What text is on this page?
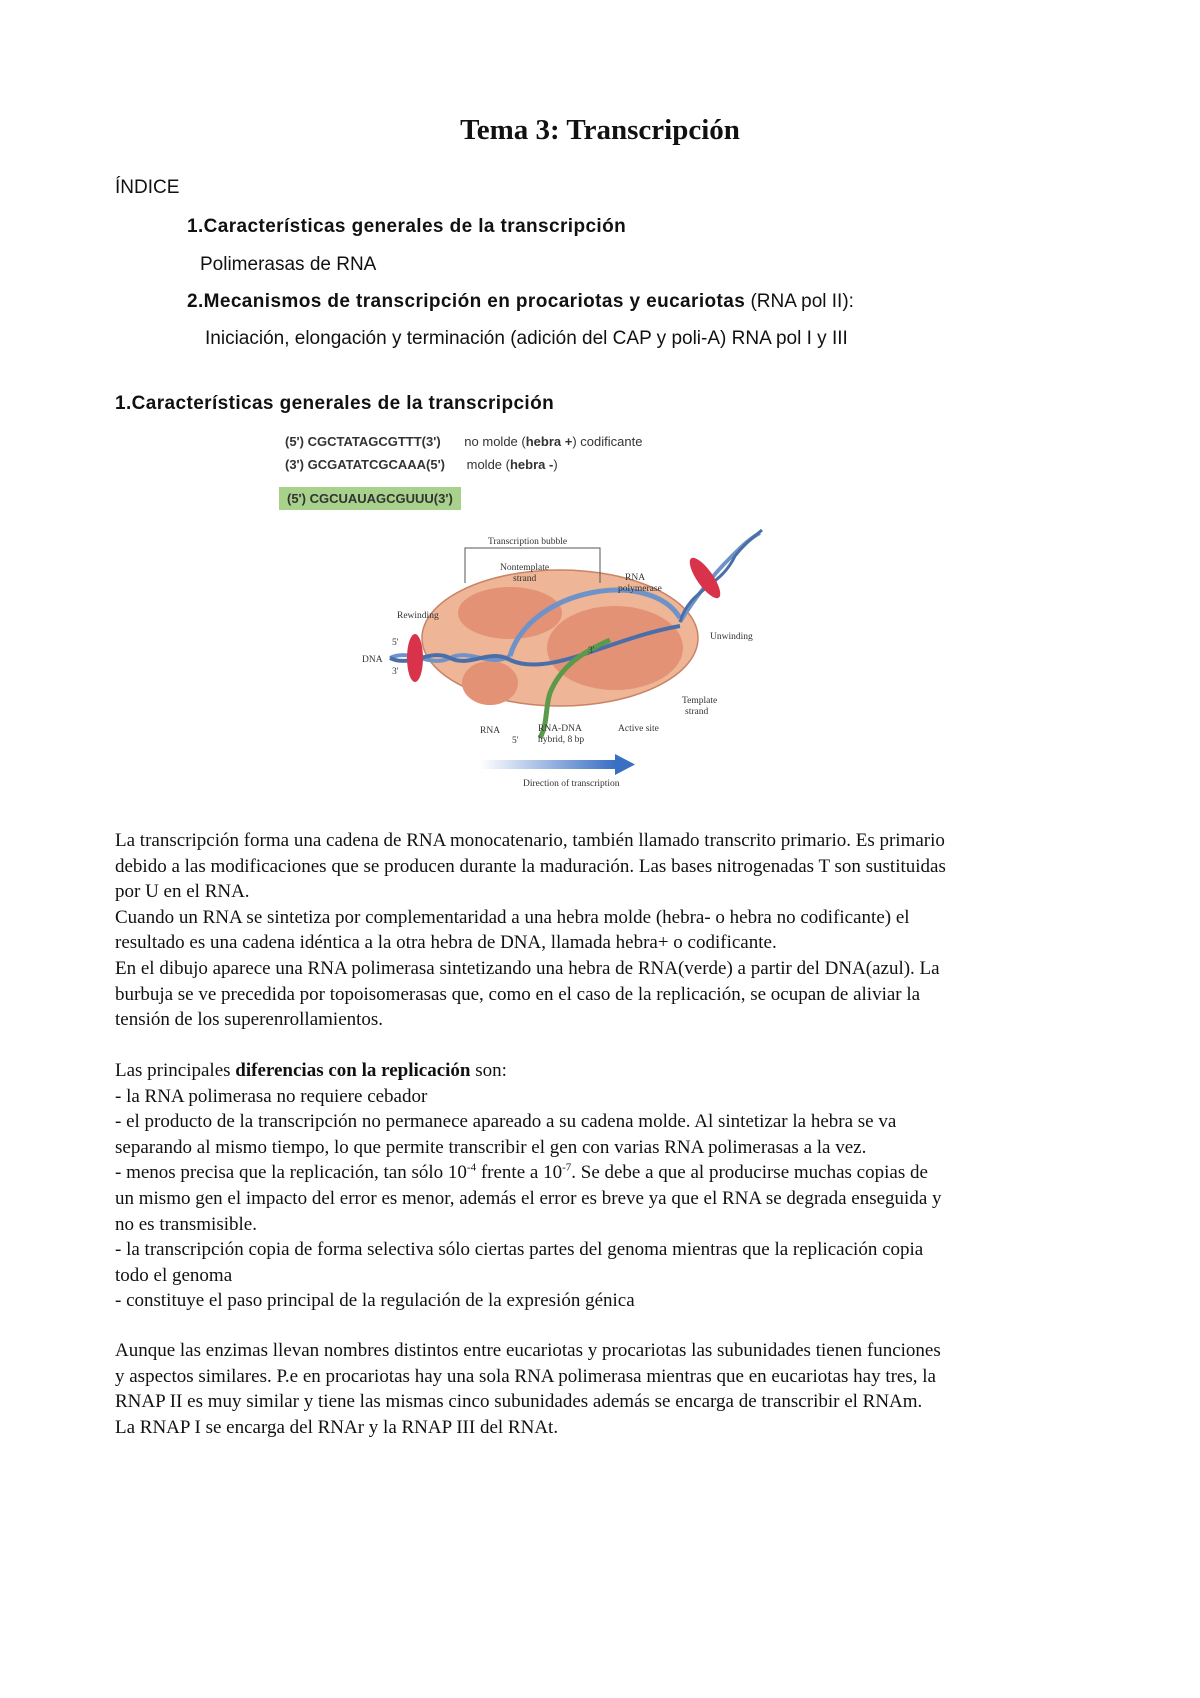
Tema 3: Transcripción
ÍNDICE
1.Características generales de la transcripción
Polimerasas de RNA
2.Mecanismos de transcripción en procariotas y eucariotas (RNA pol II):
Iniciación, elongación y terminación (adición del CAP y poli-A) RNA pol I y III
1.Características generales de la transcripción
(5') CGCTATAGCGTTT(3') no molde (hebra +) codificante
(3') GCGATATCGCAAA(5') molde (hebra -)
(5') CGCUAUAGCGUUU(3')
Transcription bubble
Nontemplate
strand	RNA
polymerase
Rewinding
Unwinding
DNA
5'
3'
3'
Template
strand
RNA
5'
RNA-DNA
hybrid, 8 bp
Active site
Direction of transcription

La transcripción forma una cadena de RNA monocatenario, también llamado transcrito primario. Es primario

debido a las modificaciones que se producen durante la maduración. Las bases nitrogenadas T son sustituidas

por U en el RNA.

Cuando un RNA se sintetiza por complementaridad a una hebra molde (hebra- o hebra no codificante) el

resultado es una cadena idéntica a la otra hebra de DNA, llamada hebra+ o codificante.

En el dibujo aparece una RNA polimerasa sintetizando una hebra de RNA(verde) a partir del DNA(azul). La

burbuja se ve precedida por topoisomerasas que, como en el caso de la replicación, se ocupan de aliviar la

tensión de los superenrollamientos.

Las principales diferencias con la replicación son:

- la RNA polimerasa no requiere cebador

- el producto de la transcripción no permanece apareado a su cadena molde. Al sintetizar la hebra se va

separando al mismo tiempo, lo que permite transcribir el gen con varias RNA polimerasas a la vez.

- menos precisa que la replicación, tan sólo $10^{-4}$ frente a $10^{-7}$. Se debe a que al producirse muchas copias de

un mismo gen el impacto del error es menor, además el error es breve ya que el RNA se degrada enseguida y

no es transmisible.

- la transcripción copia de forma selectiva sólo ciertas partes del genoma mientras que la replicación copia

todo el genoma

- constituye el paso principal de la regulación de la expresión génica

Aunque las enzimas llevan nombres distintos entre eucariotas y procariotas las subunidades tienen funciones

y aspectos similares. P.e en procariotas hay una sola RNA polimerasa mientras que en eucariotas hay tres, la

RNAP II es muy similar y tiene las mismas cinco subunidades además se encarga de transcribir el RNAm.

La RNAP I se encarga del RNAr y la RNAP III del RNAt.
